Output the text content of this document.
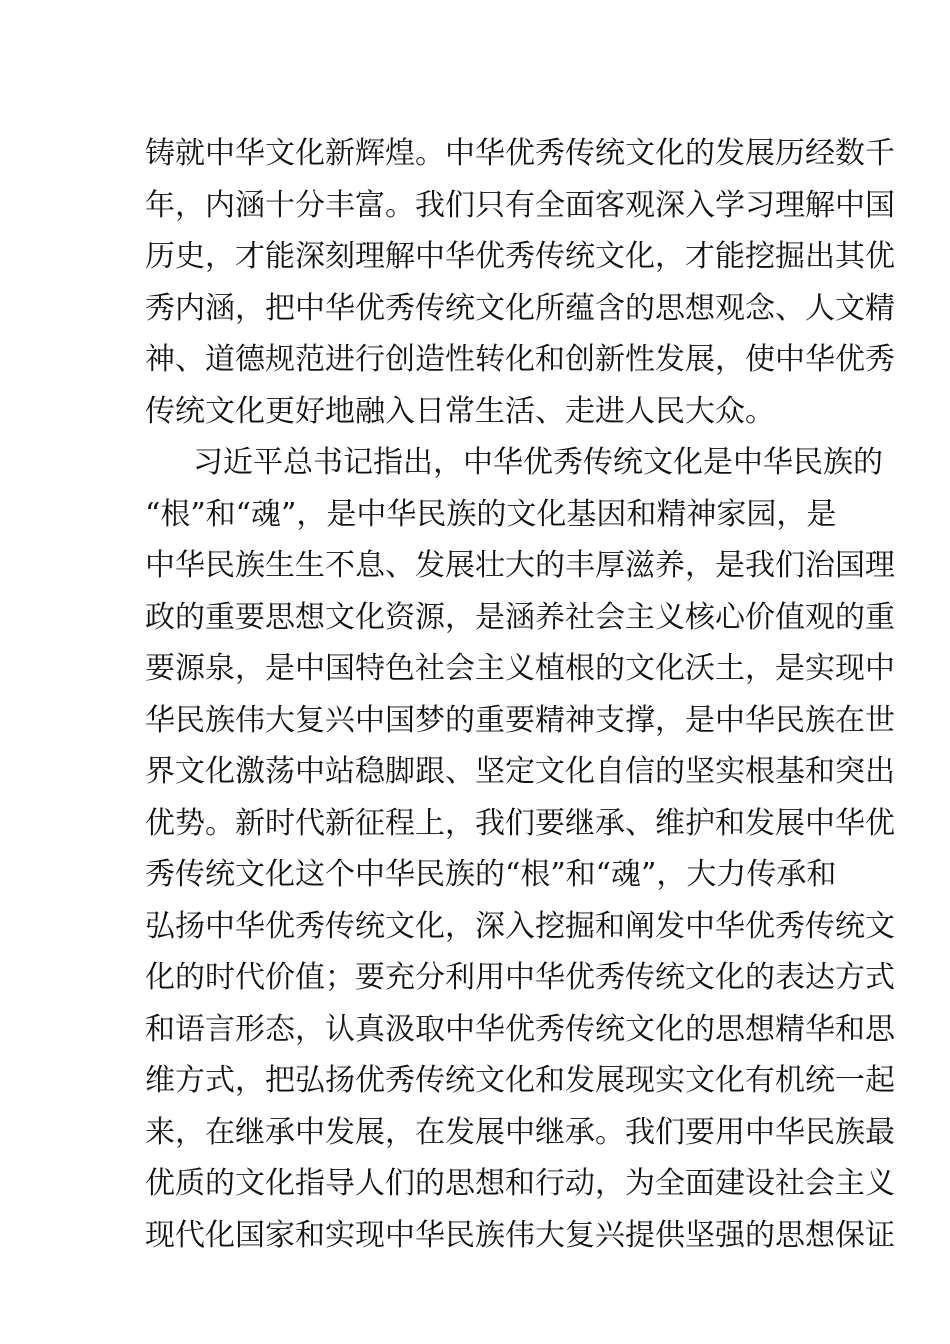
铸就中华文化新辉煌。中华优秀传统文化的发展历经数千
年，内涵十分丰富。我们只有全面客观深入学习理解中国
历史，才能深刻理解中华优秀传统文化，才能挖掘出其优
秀内涵，把中华优秀传统文化所蕴含的思想观念、人文精
神、道德规范进行创造性转化和创新性发展，使中华优秀
传统文化更好地融入日常生活、走进人民大众。
习近平总书记指出，中华优秀传统文化是中华民族的
“根”和“魂”，是中华民族的文化基因和精神家园，是
中华民族生生不息、发展壮大的丰厚滋养，是我们治国理
政的重要思想文化资源，是涵养社会主义核心价值观的重
要源泉，是中国特色社会主义植根的文化沃土，是实现中
华民族伟大复兴中国梦的重要精神支撑，是中华民族在世
界文化激荡中站稳脚跟、坚定文化自信的坚实根基和突出
优势。新时代新征程上，我们要继承、维护和发展中华优
秀传统文化这个中华民族的“根”和“魂”，大力传承和
弘扬中华优秀传统文化，深入挖掘和阐发中华优秀传统文
化的时代价值；要充分利用中华优秀传统文化的表达方式
和语言形态，认真汲取中华优秀传统文化的思想精华和思
维方式，把弘扬优秀传统文化和发展现实文化有机统一起
来，在继承中发展，在发展中继承。我们要用中华民族最
优质的文化指导人们的思想和行动，为全面建设社会主义
现代化国家和实现中华民族伟大复兴提供坚强的思想保证
